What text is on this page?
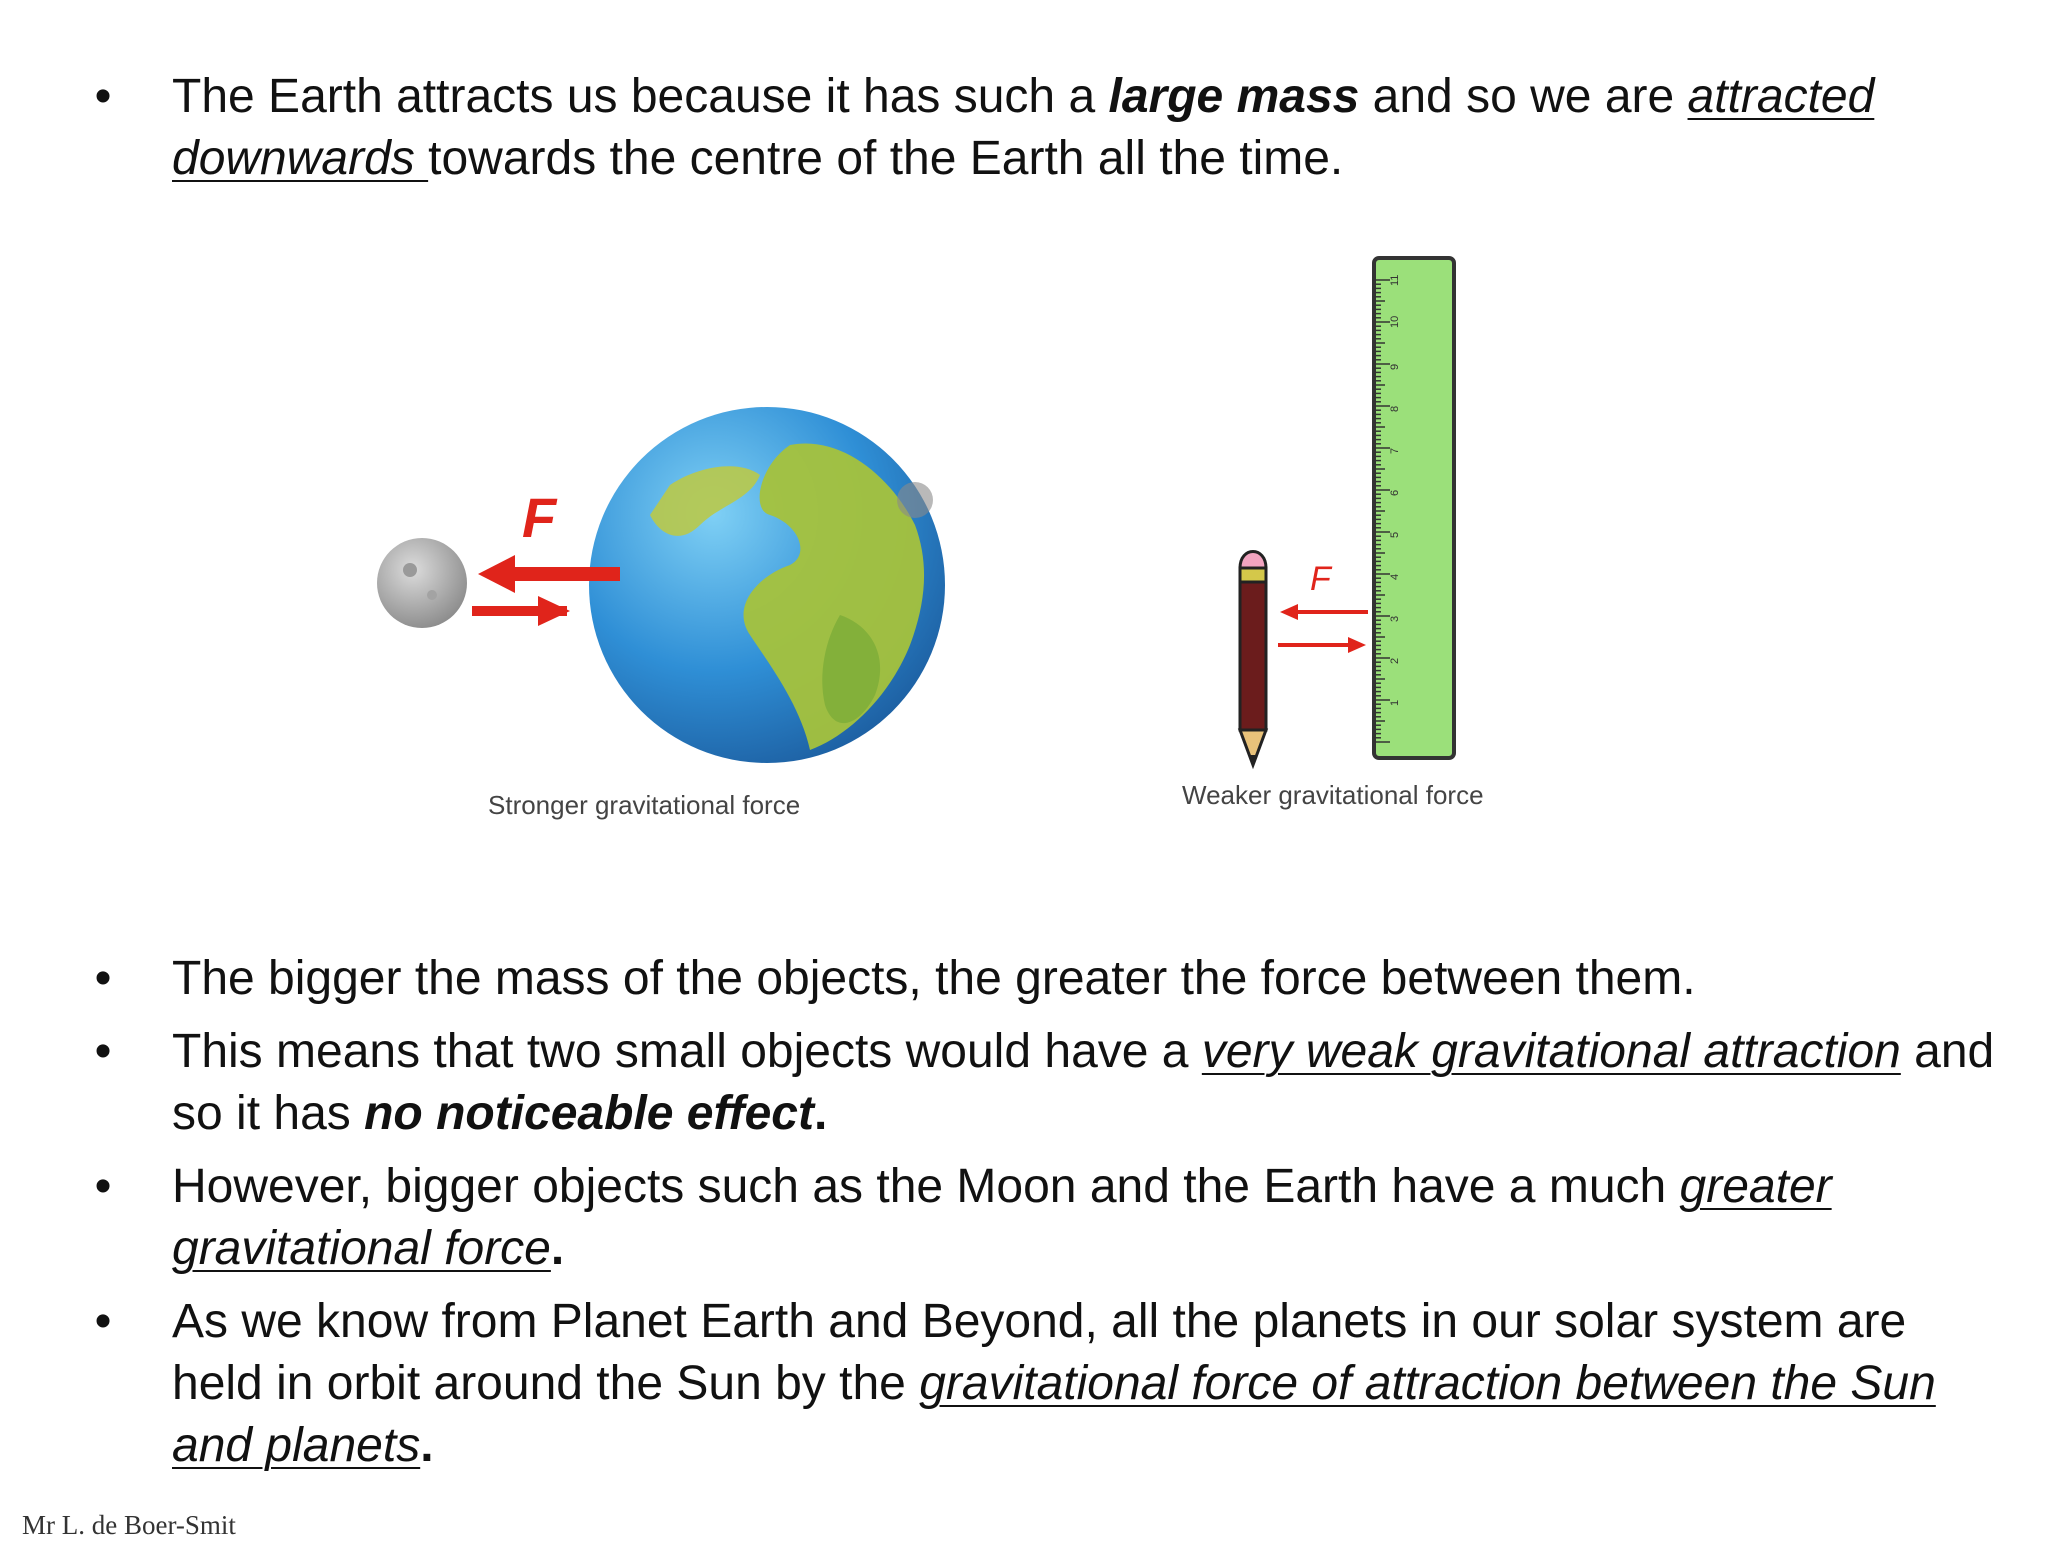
• The Earth attracts us because it has such a large mass and so we are attracted downwards towards the centre of the Earth all the time.
F
Stronger gravitational force
1
2
3
4
5
6
7
8
9
10
11
F
Weaker gravitational force
• The bigger the mass of the objects, the greater the force between them.
• This means that two small objects would have a very weak gravitational attraction and so it has no noticeable effect.
• However, bigger objects such as the Moon and the Earth have a much greater gravitational force.
• As we know from Planet Earth and Beyond, all the planets in our solar system are held in orbit around the Sun by the gravitational force of attraction between the Sun and planets.
Mr L. de Boer-Smit
